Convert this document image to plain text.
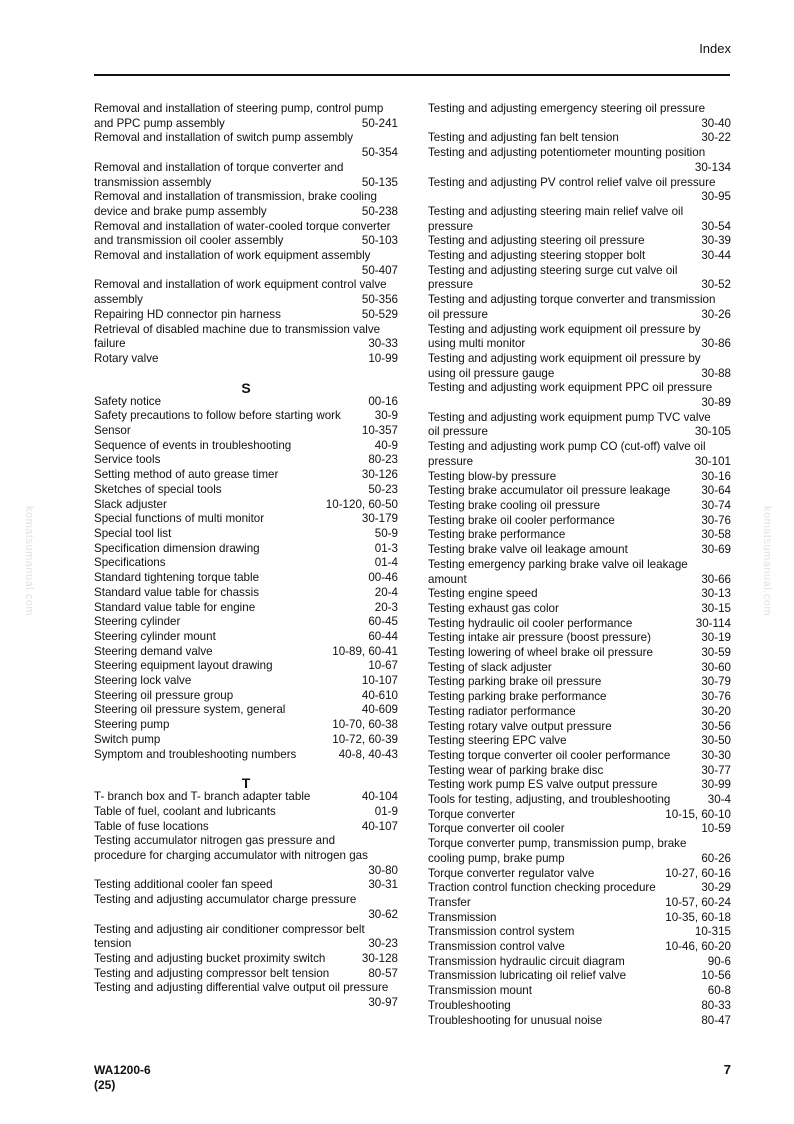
Index
Removal and installation of steering pump, control pump
and PPC pump assembly	50-241
Removal and installation of switch pump assembly
50-354
Removal and installation of torque converter and
transmission assembly	50-135
Removal and installation of transmission, brake cooling
device and brake pump assembly	50-238
Removal and installation of water-cooled torque converter
and transmission oil cooler assembly	50-103
Removal and installation of work equipment assembly
50-407
Removal and installation of work equipment control valve
assembly	50-356
Repairing HD connector pin harness	50-529
Retrieval of disabled machine due to transmission valve
failure	30-33
Rotary valve	10-99
S
Safety notice	00-16
Safety precautions to follow before starting work	30-9
Sensor	10-357
Sequence of events in troubleshooting	40-9
Service tools	80-23
Setting method of auto grease timer	30-126
Sketches of special tools	50-23
Slack adjuster	10-120, 60-50
Special functions of multi monitor	30-179
Special tool list	50-9
Specification dimension drawing	01-3
Specifications	01-4
Standard tightening torque table	00-46
Standard value table for chassis	20-4
Standard value table for engine	20-3
Steering cylinder	60-45
Steering cylinder mount	60-44
Steering demand valve	10-89, 60-41
Steering equipment layout drawing	10-67
Steering lock valve	10-107
Steering oil pressure group	40-610
Steering oil pressure system, general	40-609
Steering pump	10-70, 60-38
Switch pump	10-72, 60-39
Symptom and troubleshooting numbers	40-8, 40-43
T
T- branch box and T- branch adapter table	40-104
Table of fuel, coolant and lubricants	01-9
Table of fuse locations	40-107
Testing accumulator nitrogen gas pressure and
procedure for charging accumulator with nitrogen gas
30-80
Testing additional cooler fan speed	30-31
Testing and adjusting accumulator charge pressure
30-62
Testing and adjusting air conditioner compressor belt
tension	30-23
Testing and adjusting bucket proximity switch	30-128
Testing and adjusting compressor belt tension	80-57
Testing and adjusting differential valve output oil pressure
30-97
Testing and adjusting emergency steering oil pressure
30-40
Testing and adjusting fan belt tension	30-22
Testing and adjusting potentiometer mounting position
30-134
Testing and adjusting PV control relief valve oil pressure
30-95
Testing and adjusting steering main relief valve oil
pressure	30-54
Testing and adjusting steering oil pressure	30-39
Testing and adjusting steering stopper bolt	30-44
Testing and adjusting steering surge cut valve oil
pressure	30-52
Testing and adjusting torque converter and transmission
oil pressure	30-26
Testing and adjusting work equipment oil pressure by
using multi monitor	30-86
Testing and adjusting work equipment oil pressure by
using oil pressure gauge	30-88
Testing and adjusting work equipment PPC oil pressure
30-89
Testing and adjusting work equipment pump TVC valve
oil pressure	30-105
Testing and adjusting work pump CO (cut-off) valve oil
pressure	30-101
Testing blow-by pressure	30-16
Testing brake accumulator oil pressure leakage	30-64
Testing brake cooling oil pressure	30-74
Testing brake oil cooler performance	30-76
Testing brake performance	30-58
Testing brake valve oil leakage amount	30-69
Testing emergency parking brake valve oil leakage
amount	30-66
Testing engine speed	30-13
Testing exhaust gas color	30-15
Testing hydraulic oil cooler performance	30-114
Testing intake air pressure (boost pressure)	30-19
Testing lowering of wheel brake oil pressure	30-59
Testing of slack adjuster	30-60
Testing parking brake oil pressure	30-79
Testing parking brake performance	30-76
Testing radiator performance	30-20
Testing rotary valve output pressure	30-56
Testing steering EPC valve	30-50
Testing torque converter oil cooler performance	30-30
Testing wear of parking brake disc	30-77
Testing work pump ES valve output pressure	30-99
Tools for testing, adjusting, and troubleshooting	30-4
Torque converter	10-15, 60-10
Torque converter oil cooler	10-59
Torque converter pump, transmission pump, brake
cooling pump, brake pump	60-26
Torque converter regulator valve	10-27, 60-16
Traction control function checking procedure	30-29
Transfer	10-57, 60-24
Transmission	10-35, 60-18
Transmission control system	10-315
Transmission control valve	10-46, 60-20
Transmission hydraulic circuit diagram	90-6
Transmission lubricating oil relief valve	10-56
Transmission mount	60-8
Troubleshooting	80-33
Troubleshooting for unusual noise	80-47
komatsumanual.com	komatsumanual.com
WA1200-6
(25)
7
